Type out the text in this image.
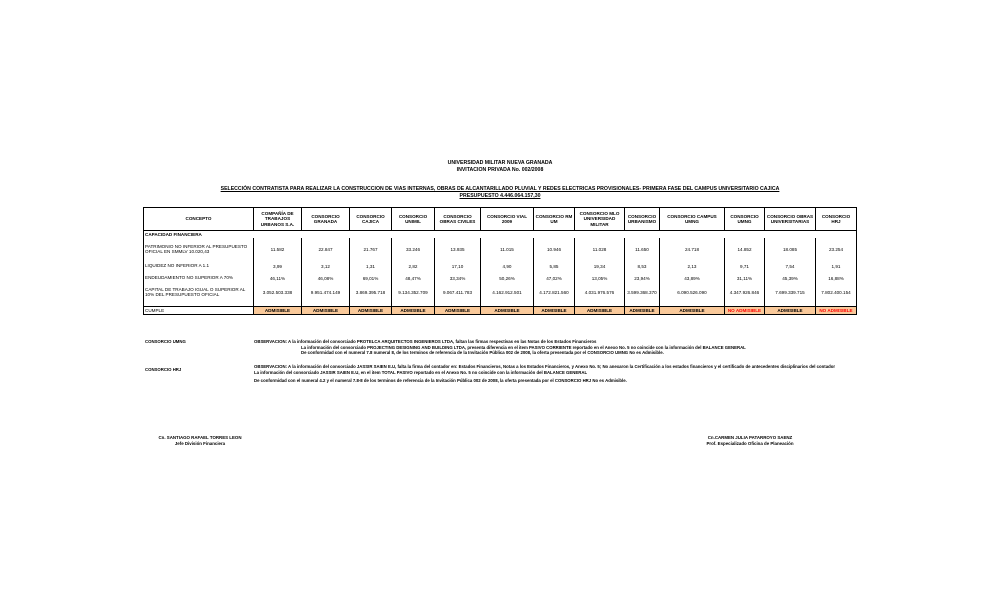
UNIVERSIDAD MILITAR NUEVA GRANADA
INVITACION PRIVADA No. 002/2008
SELECCIÓN CONTRATISTA PARA REALIZAR LA CONSTRUCCION DE VIAS INTERNAS, OBRAS DE ALCANTARILLADO PLUVIAL Y REDES ELECTRICAS PROVISIONALES- PRIMERA FASE DEL CAMPUS UNIVERSITARIO CAJICA
PRESUPUESTO 4.446.064.157,30
CONCEPTO	COMPAÑÍA DE TRABAJOS URBANOS S.A.	CONSORCIO GRANADA	CONSORCIO CAJICA	CONSORCIO UNIMIL	CONSORCIO OBRAS CIVILES	CONSORCIO VIAL 2009	CONSORCIO RM UM	CONSORCIO MLO UNIVERSIDAD MILITAR	CONSORCIO URBANISMO	CONSORCIO CAMPUS UMNG	CONSORCIO UMNG	CONSORCIO OBRAS UNIVERSITARIAS	CONSORCIO HRJ
CAPACIDAD FINANCIERA													
PATRIMONIO NO INFERIOR AL PRESUPUESTO OFICIAL EN SMMLV 10.020,43	11.582	22.847	21.767	33.246	13.935	11.015	10.946	11.028	11.650	24.718	14.852	18.085	23.254
LIQUIDEZ NO INFERIOR A 1.1	3,99	3,12	1,31	2,82	17,10	4,90	5,85	19,34	8,53	2,13	9,71	7,54	1,91
ENDEUDAMIENTO NO SUPERIOR A 70%	46,11%	46,08%	69,01%	48,47%	33,34%	50,26%	47,02%	13,05%	23,94%	43,89%	31,11%	45,39%	16,88%
CAPITAL DE TRABAJO IGUAL O SUPERIOR AL 10% DEL PRESUPUESTO OFICIAL	3.052.503.338	9.951.474.149	3.869.395.718	9.134.352.709	9.067.411.783	4.162.912.501	4.172.821.560	4.031.976.576	3.599.368.370	6.090.526.090	4.347.926.846	7.699.339.715	7.802.400.154

CUMPLE	ADMISIBLE	ADMISIBLE	ADMISIBLE	ADMISIBLE	ADMISIBLE	ADMISIBLE	ADMISIBLE	ADMISIBLE	ADMISIBLE	ADMISIBLE	NO ADMISIBLE	ADMISIBLE	NO ADMISIBLE
CONSORCIO UMNG	OBSERVACION: A la información del consorciado PROTELCA ARQUITECTOS INGENIEROS LTDA, faltan las firmas respectivas en las Notas de los Estados Financieros
La información del consorciado PROJECTING DESIGNING AND BUILDING LTDA, presenta diferencia en el item PASIVO CORRIENTE reportado en el Anexo No. 5 no coincide con la información del BALANCE GENERAL
De conformidad con el numeral 7.8 numeral 8, de los terminos de referencia de la Invitación Pública 002 de 2008, la oferta presentada por el CONSORCIO UMNG No es Admisible.
CONSORCIO HRJ
OBSERVACION: A la información del consorciado JASSIR SAIEN E.U, falta la firma del contador en: Estados Financieros, Notas a los Estados Financieros, y Anexo No. 5; No anexaron la Certificación a los estados financieros y el certificado de antecedentes disciplinarios del contador
La información del consorciado JASSIR SAIEN E.U, en el item TOTAL PASIVO reportado en el Anexo No. 5 no coincide con la información del BALANCE GENERAL
De conformidad con el numeral 4.2 y el numeral 7.8-8 de los terminos de referencia de la Invitación Pública 002 de 2008, la oferta presentada por el CONSORCIO HRJ No es Admisible.
Cn. SANTIAGO RAFAEL TORRES LEON
Jefe División Financiera
Cn.CARMEN JULIA PATARROYO SAENZ
Prof. Especializado Oficina de Planeación
